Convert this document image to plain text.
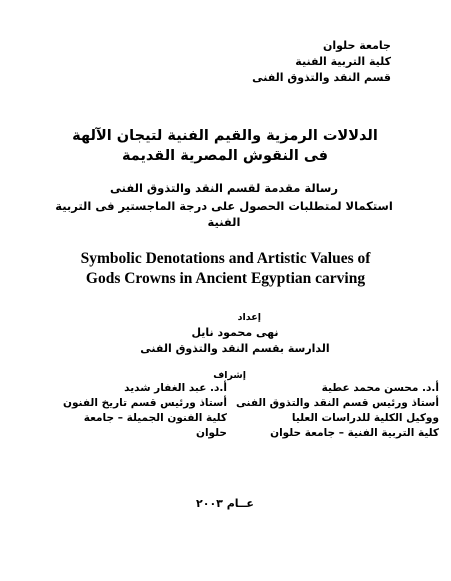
جامعة حلوان
كلية التربية الفنية
قسم النقد والتذوق الفنى
الدلالات الرمزية والقيم الفنية لتيجان الآلهة
فى النقوش المصرية القديمة
رسالة مقدمة لقسم النقد والتذوق الفنى
استكمالا لمتطلبات الحصول على درجة الماجستير فى التربية
الفنية
Symbolic Denotations and Artistic Values of
Gods Crowns in Ancient Egyptian carving
إعداد
نهى محمود نايل
الدارسة بقسم النقد والتذوق الفنى
إشراف
أ.د. محسن محمد عطية
أستاذ ورئيس قسم النقد والتذوق الفنى
ووكيل الكلية للدراسات العليا
كلية التربية الفنية – جامعة حلوان
أ.د. عبد الغفار شديد
أستاذ ورئيس قسم تاريخ الفنون
كلية الفنون الجميلة – جامعة
حلوان
عــام ٢٠٠٣
